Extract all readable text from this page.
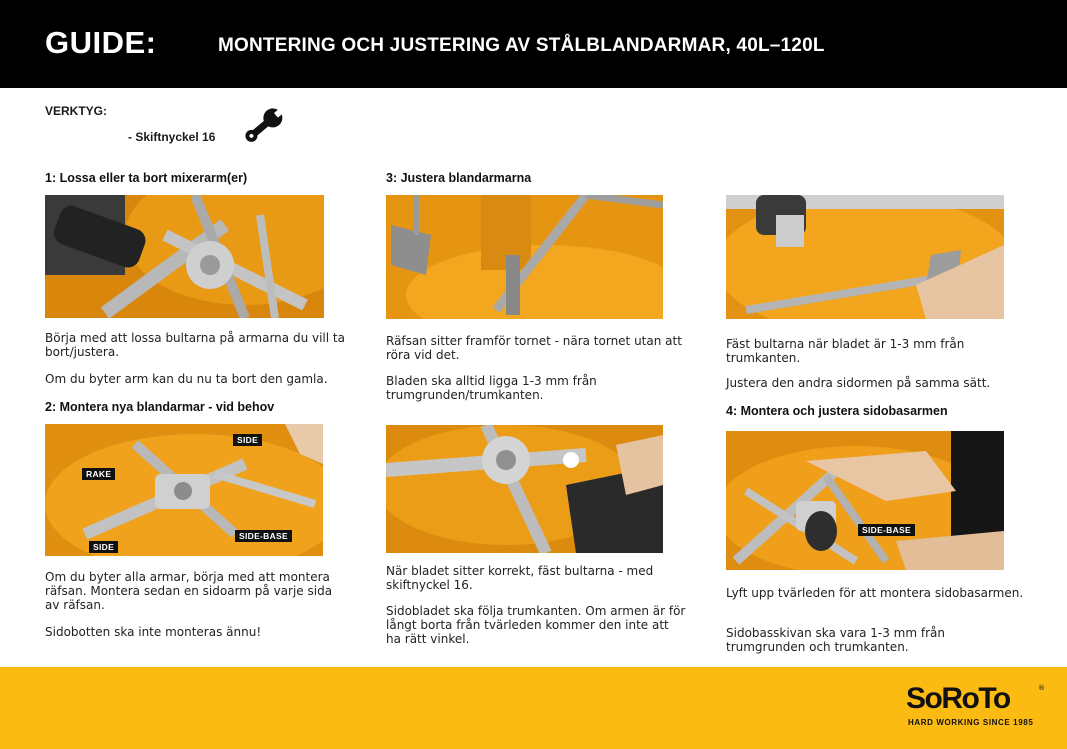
GUIDE:	MONTERING OCH JUSTERING AV STÅLBLANDARMAR, 40L–120L
VERKTYG:
- Skiftnyckel 16
1: Lossa eller ta bort mixerarm(er)
Börja med att lossa bultarna på armarna du vill ta bort/justera.
Om du byter arm kan du nu ta bort den gamla.
2: Montera nya blandarmar - vid behov
SIDE
RAKE
SIDE
SIDE-BASE
Om du byter alla armar, börja med att montera räfsan. Montera sedan en sidoarm på varje sida av räfsan.
Sidobotten ska inte monteras ännu!
3: Justera blandarmarna
Räfsan sitter framför tornet - nära tornet utan att röra vid det.
Bladen ska alltid ligga 1-3 mm från trumgrunden/trumkanten.
När bladet sitter korrekt, fäst bultarna - med skiftnyckel 16.
Sidobladet ska följa trumkanten. Om armen är för långt borta från tvärleden kommer den inte att ha rätt vinkel.
Fäst bultarna när bladet är 1-3 mm från trumkanten.
Justera den andra sidormen på samma sätt.
4: Montera och justera sidobasarmen
SIDE-BASE
Lyft upp tvärleden för att montera sidobasarmen.
Sidobasskivan ska vara 1-3 mm från trumgrunden och trumkanten.
SoRoTo	®
HARD WORKING SINCE 1985
